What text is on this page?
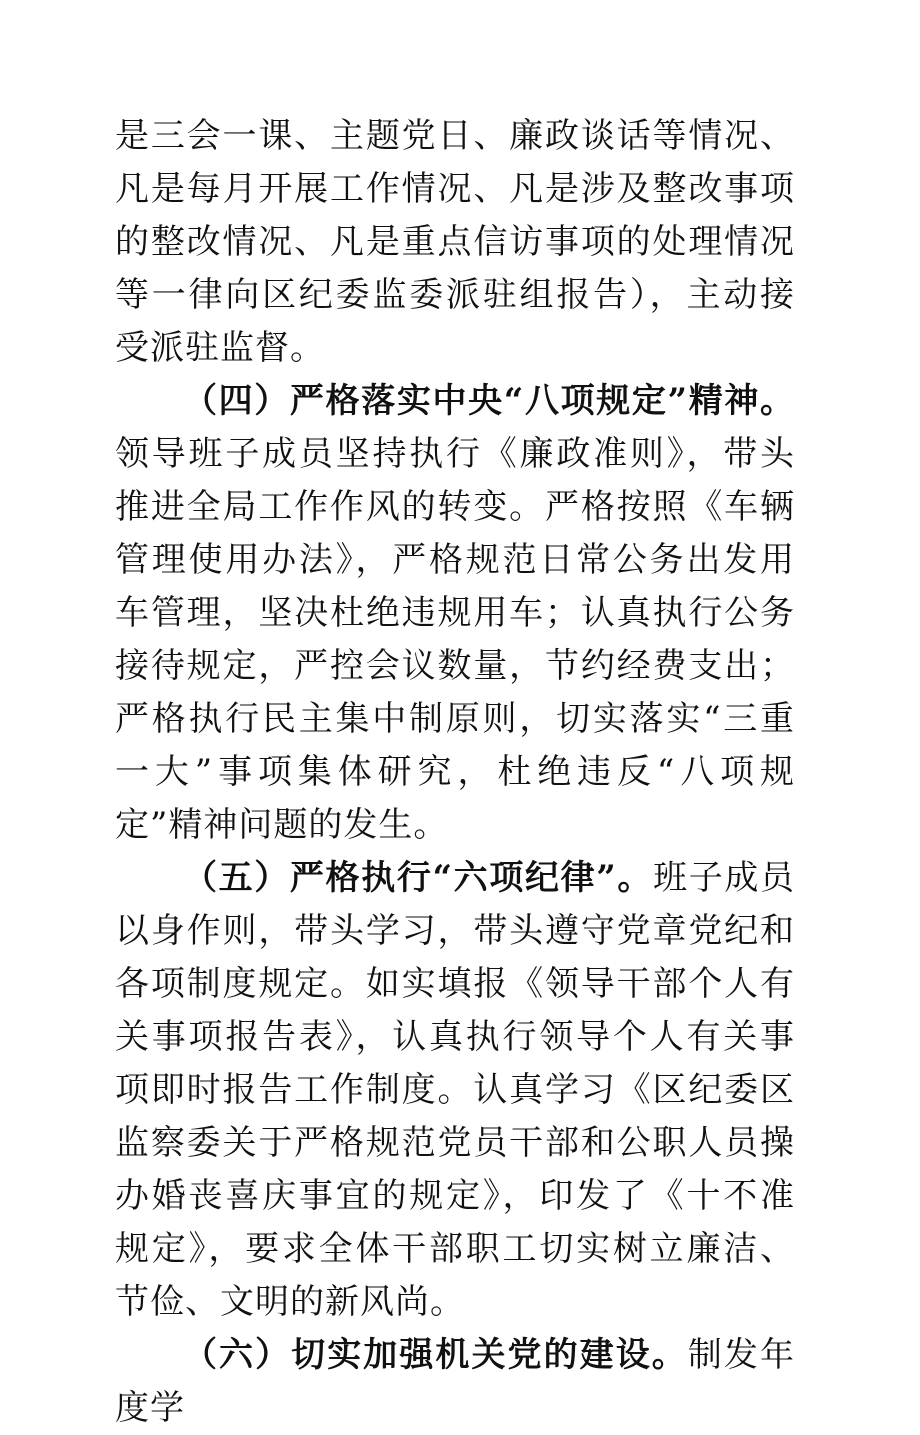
是三会一课、主题党日、廉政谈话等情况、凡是每月开展工作情况、凡是涉及整改事项的整改情况、凡是重点信访事项的处理情况等一律向区纪委监委派驻组报告），主动接受派驻监督。

（四）严格落实中央“八项规定”精神。领导班子成员坚持执行《廉政准则》，带头推进全局工作作风的转变。严格按照《车辆管理使用办法》，严格规范日常公务出发用车管理，坚决杜绝违规用车；认真执行公务接待规定，严控会议数量，节约经费支出；严格执行民主集中制原则，切实落实“三重一大”事项集体研究，杜绝违反“八项规定”精神问题的发生。

（五）严格执行“六项纪律”。班子成员以身作则，带头学习，带头遵守党章党纪和各项制度规定。如实填报《领导干部个人有关事项报告表》，认真执行领导个人有关事项即时报告工作制度。认真学习《区纪委区监察委关于严格规范党员干部和公职人员操办婚丧喜庆事宜的规定》，印发了《十不准规定》，要求全体干部职工切实树立廉洁、节俭、文明的新风尚。

（六）切实加强机关党的建设。制发年度学
